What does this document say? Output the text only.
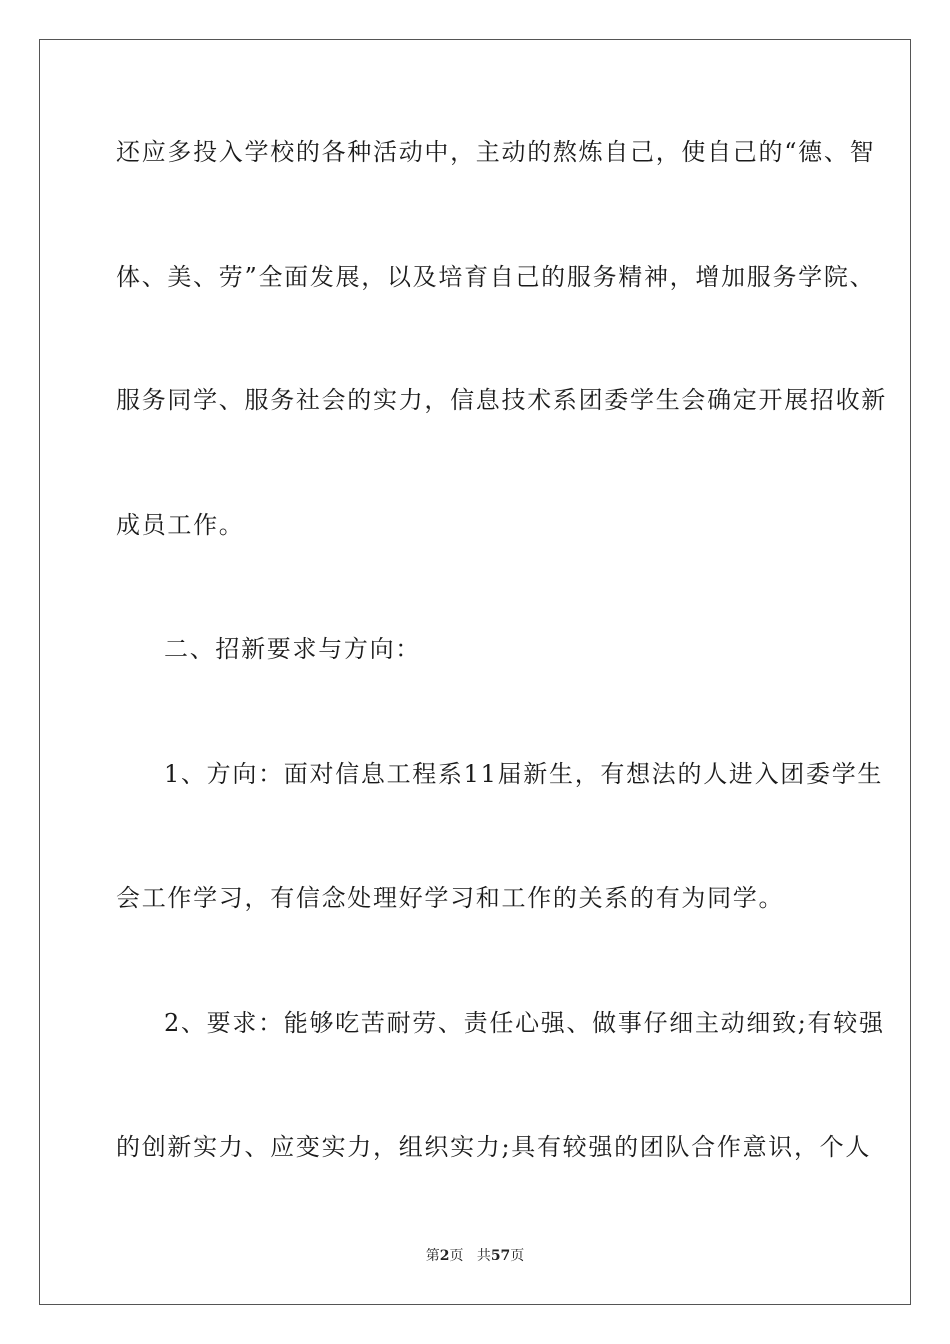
还应多投入学校的各种活动中，主动的熬炼自己，使自己的“德、智
体、美、劳”全面发展，以及培育自己的服务精神，增加服务学院、
服务同学、服务社会的实力，信息技术系团委学生会确定开展招收新
成员工作。
二、招新要求与方向：
1、方向：面对信息工程系11届新生，有想法的人进入团委学生
会工作学习，有信念处理好学习和工作的关系的有为同学。
2、要求：能够吃苦耐劳、责任心强、做事仔细主动细致;有较强
的创新实力、应变实力，组织实力;具有较强的团队合作意识，个人
第2页 共57页
